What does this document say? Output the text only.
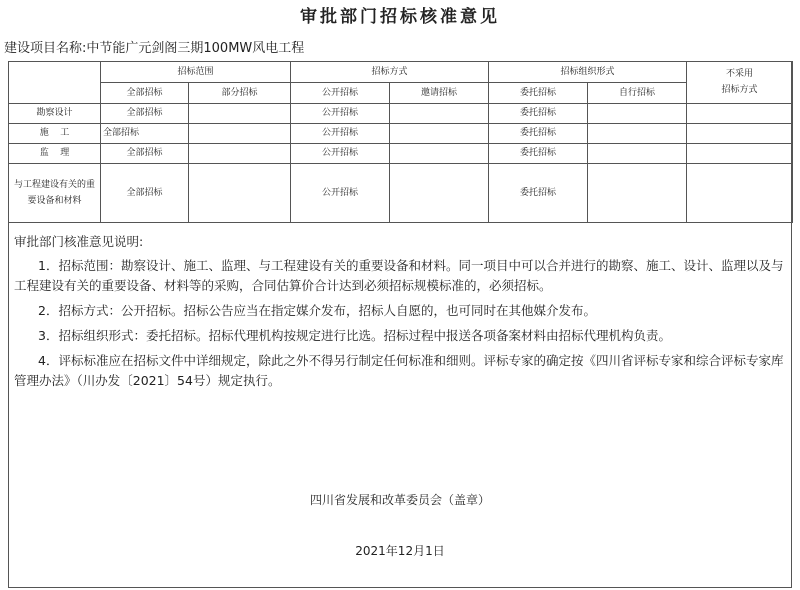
审批部门招标核准意见
建设项目名称:中节能广元剑阁三期100MW风电工程
	招标范围		招标方式		招标组织形式		不采用
招标方式

	全部招标	部分招标	公开招标	邀请招标	委托招标	自行招标	
勘察设计	全部招标		公开招标		委托招标		
施    工	全部招标		公开招标		委托招标		
监    理	全部招标		公开招标		委托招标		
与工程建设有关的重要设备和材料	全部招标		公开招标		委托招标		

审批部门核准意见说明:

1．招标范围：勘察设计、施工、监理、与工程建设有关的重要设备和材料。同一项目中可以合并进行的勘察、施工、设计、监理以及与工程建设有关的重要设备、材料等的采购，合同估算价合计达到必须招标规模标准的，必须招标。

2．招标方式：公开招标。招标公告应当在指定媒介发布，招标人自愿的，也可同时在其他媒介发布。

3．招标组织形式：委托招标。招标代理机构按规定进行比选。招标过程中报送各项备案材料由招标代理机构负责。

4．评标标准应在招标文件中详细规定，除此之外不得另行制定任何标准和细则。评标专家的确定按《四川省评标专家和综合评标专家库管理办法》（川办发〔2021〕54号）规定执行。

四川省发展和改革委员会（盖章）
2021年12月1日
